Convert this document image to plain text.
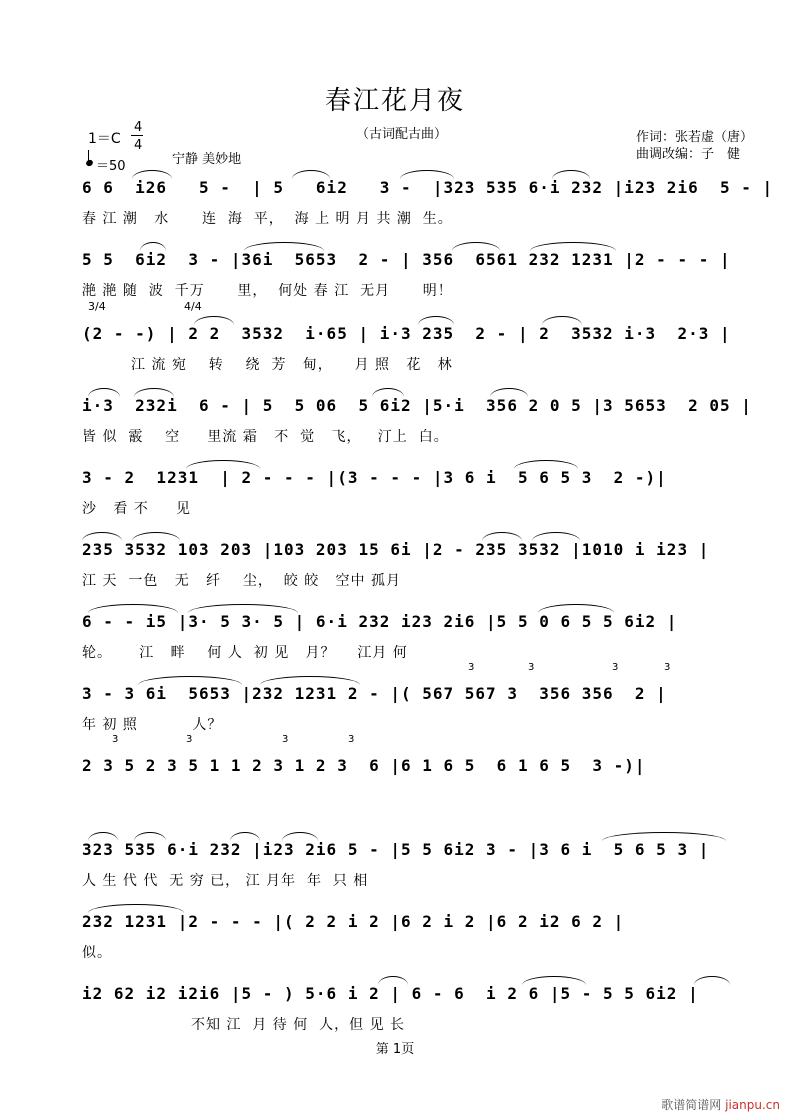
春江花月夜
1＝C
4
4
＝50	宁静 美妙地
（古词配古曲）	作词：张若虚（唐）
曲调改编：子　健
6 6  i26   5 -  | 5   6i2   3 -  |323 535 6·i 232 |i23 2i6  5 - |
春 江 潮   水      连  海  平，  海 上 明 月 共 潮  生。
5 5  6i2  3 - |36i  5653  2 - | 356  6561 232 1231 |2 - - - |
滟 滟 随  波  千万      里，  何处 春 江  无月      明！
3/4	4/4
(2 - -) | 2 2  3532  i·65 | i·3 235  2 - | 2  3532 i·3  2·3 |
江 流 宛    转    绕  芳   甸，    月 照   花   林
i·3  232i  6 - | 5  5 06  5 6i2 |5·i  356 2 0 5 |3 5653  2 05 |
皆 似  霰    空     里流 霜   不  觉   飞，   汀上  白。
3 - 2  1231  | 2 - - - |(3 - - - |3 6 i  5 6 5 3  2 -)|
沙   看 不     见
235 3532 103 203 |103 203 15 6i |2 - 235 3532 |1010 i i23 |
江 天  一色   无   纤    尘，  皎 皎   空中 孤月
6 - - i5 |3· 5 3· 5 | 6·i 232 i23 2i6 |5 5 0 6 5 5 6i2 |
轮。     江   畔    何 人  初 见   月？    江月 何
3	3	3	3
3 - 3 6i  5653 |232 1231 2 - |( 567 567 3  356 356  2 |
年 初 照          人？
3	3	3	3
2 3 5 2 3 5 1 1 2 3 1 2 3  6 |6 1 6 5  6 1 6 5  3 -)|
323 535 6·i 232 |i23 2i6 5 - |5 5 6i2 3 - |3 6 i  5 6 5 3 |
人 生 代 代  无 穷 已， 江 月年  年  只 相
232 1231 |2 - - - |( 2 2 i 2 |6 2 i 2 |6 2 i2 6 2 |
似。
i2 62 i2 i2i6 |5 - ) 5·6 i 2 | 6 - 6  i 2 6 |5 - 5 5 6i2 |
不知 江  月 待 何  人，但 见 长
第 1页
歌谱简谱网 jianpu.cn
